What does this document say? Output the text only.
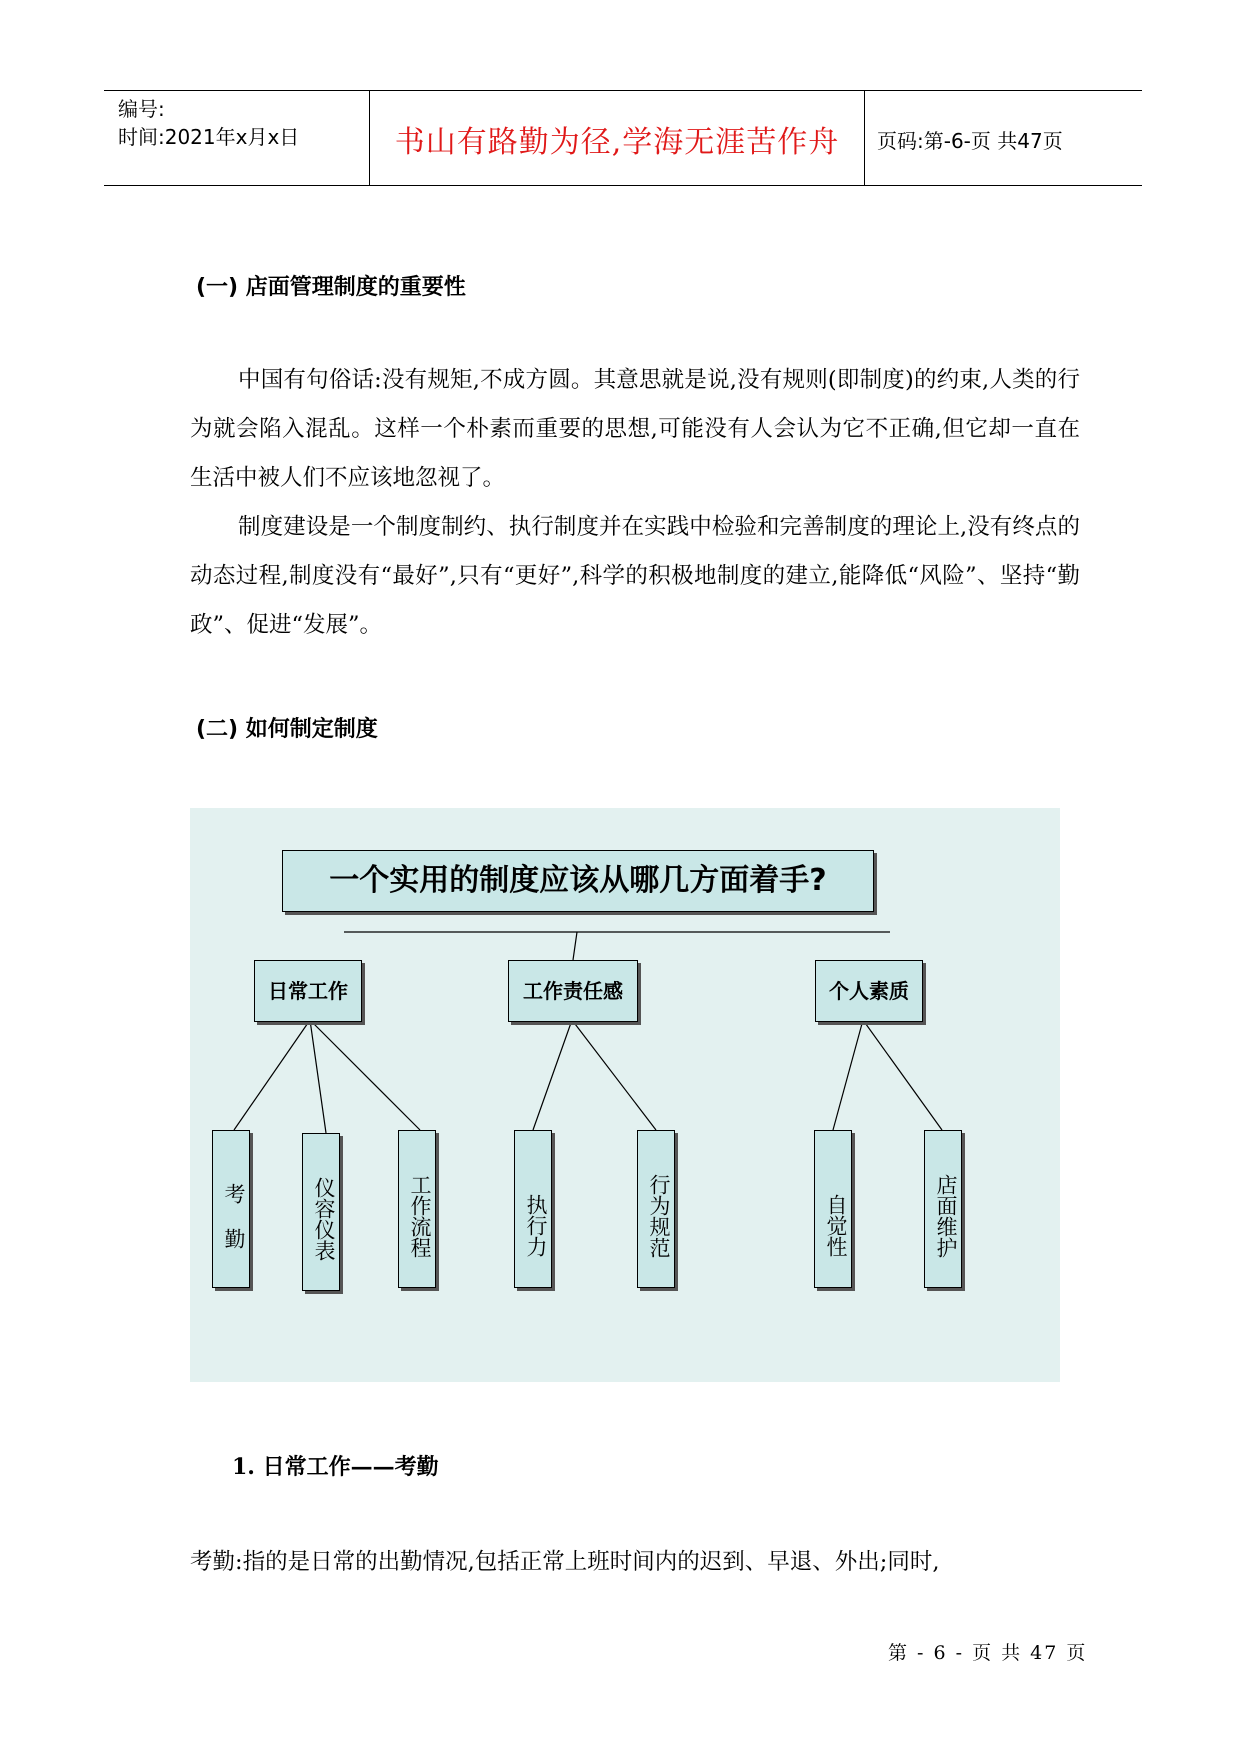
编号:
时间:2021年x月x日	书山有路勤为径,学海无涯苦作舟	页码:第-6-页 共47页
(一) 店面管理制度的重要性

中国有句俗话:没有规矩,不成方圆。其意思就是说,没有规则(即制度)的约束,人类的行为就会陷入混乱。这样一个朴素而重要的思想,可能没有人会认为它不正确,但它却一直在生活中被人们不应该地忽视了。

制度建设是一个制度制约、执行制度并在实践中检验和完善制度的理论上,没有终点的动态过程,制度没有“最好”,只有“更好”,科学的积极地制度的建立,能降低“风险”、坚持“勤政”、促进“发展”。

(二) 如何制定制度
一个实用的制度应该从哪几方面着手?
日常工作	工作责任感	个人素质
考 勤	仪容仪表	工作流程	执行力	行为规范	自觉性	店面维护
1. 日常工作——考勤
考勤:指的是日常的出勤情况,包括正常上班时间内的迟到、早退、外出;同时,
第 - 6 - 页 共 47 页
